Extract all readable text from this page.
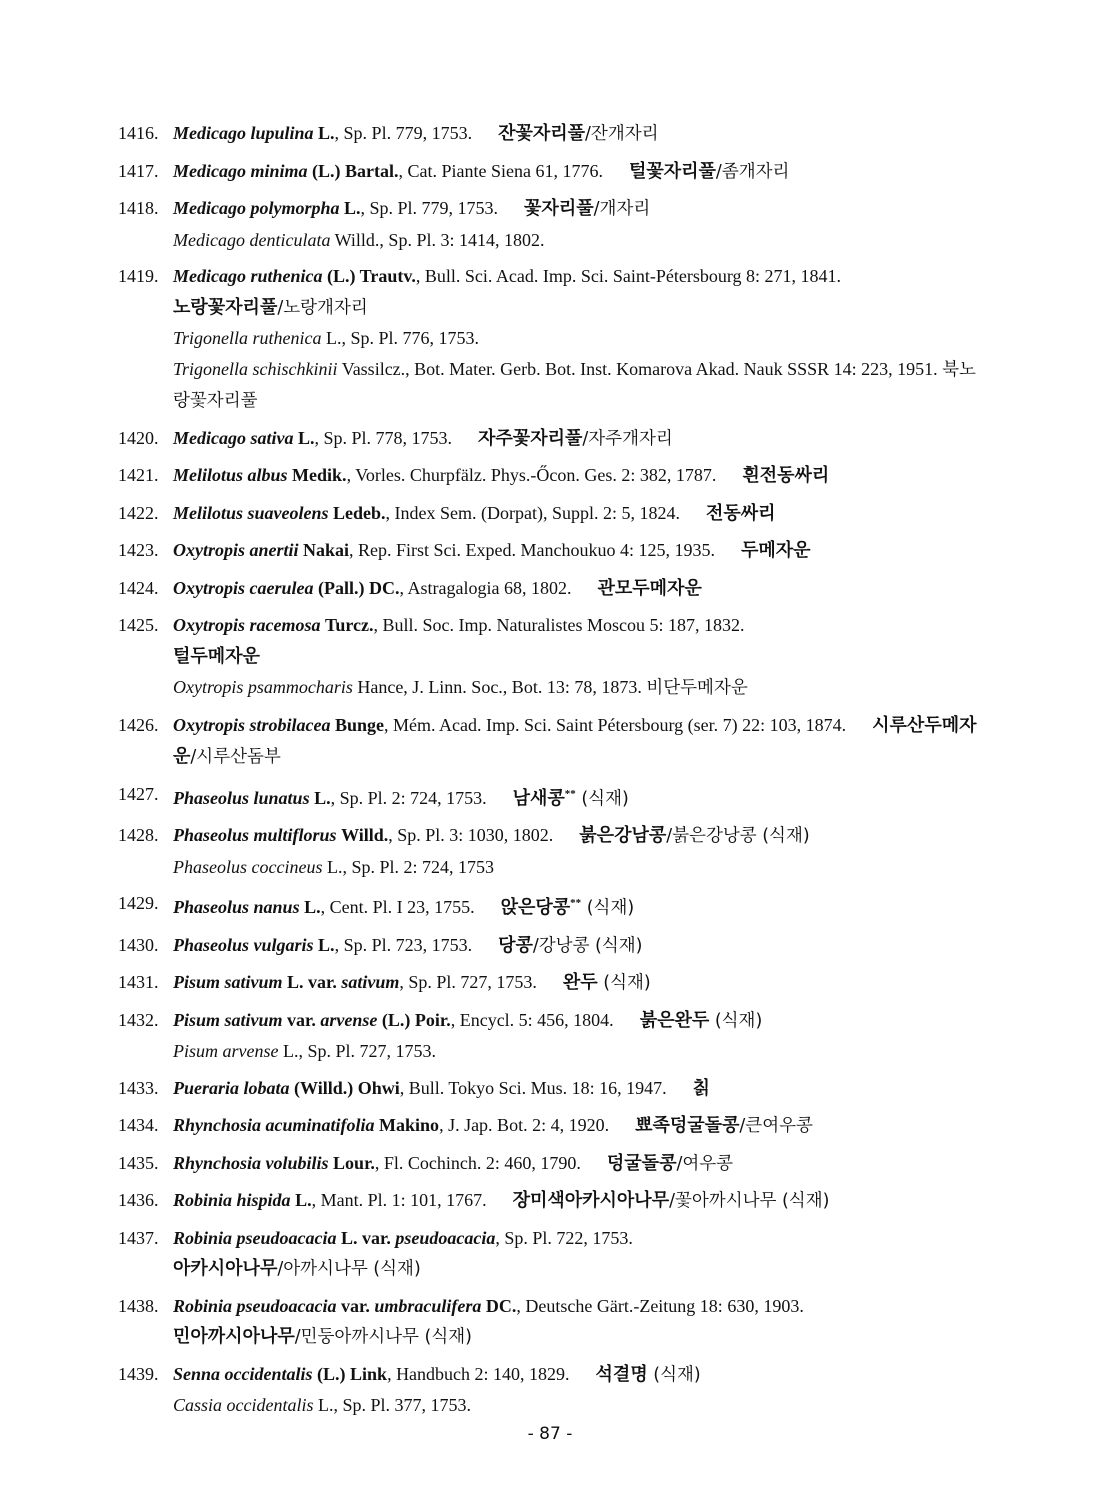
1416. Medicago lupulina L., Sp. Pl. 779, 1753. 잔꽃자리풀/잔개자리
1417. Medicago minima (L.) Bartal., Cat. Piante Siena 61, 1776. 털꽃자리풀/좀개자리
1418. Medicago polymorpha L., Sp. Pl. 779, 1753. 꽃자리풀/개자리
Medicago denticulata Willd., Sp. Pl. 3: 1414, 1802.
1419. Medicago ruthenica (L.) Trautv., Bull. Sci. Acad. Imp. Sci. Saint-Pétersbourg 8: 271, 1841.
노랑꽃자리풀/노랑개자리
Trigonella ruthenica L., Sp. Pl. 776, 1753.
Trigonella schischkinii Vassilcz., Bot. Mater. Gerb. Bot. Inst. Komarova Akad. Nauk SSSR 14: 223, 1951. 북노랑꽃자리풀
1420. Medicago sativa L., Sp. Pl. 778, 1753. 자주꽃자리풀/자주개자리
1421. Melilotus albus Medik., Vorles. Churpfälz. Phys.-Őcon. Ges. 2: 382, 1787. 흰전동싸리
1422. Melilotus suaveolens Ledeb., Index Sem. (Dorpat), Suppl. 2: 5, 1824. 전동싸리
1423. Oxytropis anertii Nakai, Rep. First Sci. Exped. Manchoukuo 4: 125, 1935. 두메자운
1424. Oxytropis caerulea (Pall.) DC., Astragalogia 68, 1802. 관모두메자운
1425. Oxytropis racemosa Turcz., Bull. Soc. Imp. Naturalistes Moscou 5: 187, 1832.
털두메자운
Oxytropis psammocharis Hance, J. Linn. Soc., Bot. 13: 78, 1873. 비단두메자운
1426. Oxytropis strobilacea Bunge, Mém. Acad. Imp. Sci. Saint Pétersbourg (ser. 7) 22: 103, 1874. 시루산두메자운/시루산돔부
1427. Phaseolus lunatus L., Sp. Pl. 2: 724, 1753. 남새콩** (식재)
1428. Phaseolus multiflorus Willd., Sp. Pl. 3: 1030, 1802. 붉은강남콩/붉은강낭콩 (식재)
Phaseolus coccineus L., Sp. Pl. 2: 724, 1753
1429. Phaseolus nanus L., Cent. Pl. I 23, 1755. 앉은당콩** (식재)
1430. Phaseolus vulgaris L., Sp. Pl. 723, 1753. 당콩/강낭콩 (식재)
1431. Pisum sativum L. var. sativum, Sp. Pl. 727, 1753. 완두 (식재)
1432. Pisum sativum var. arvense (L.) Poir., Encycl. 5: 456, 1804. 붉은완두 (식재)
Pisum arvense L., Sp. Pl. 727, 1753.
1433. Pueraria lobata (Willd.) Ohwi, Bull. Tokyo Sci. Mus. 18: 16, 1947. 칡
1434. Rhynchosia acuminatifolia Makino, J. Jap. Bot. 2: 4, 1920. 뾰족덩굴돌콩/큰여우콩
1435. Rhynchosia volubilis Lour., Fl. Cochinch. 2: 460, 1790. 덩굴돌콩/여우콩
1436. Robinia hispida L., Mant. Pl. 1: 101, 1767. 장미색아카시아나무/꽃아까시나무 (식재)
1437. Robinia pseudoacacia L. var. pseudoacacia, Sp. Pl. 722, 1753.
아카시아나무/아까시나무 (식재)
1438. Robinia pseudoacacia var. umbraculifera DC., Deutsche Gärt.-Zeitung 18: 630, 1903.
민아까시아나무/민둥아까시나무 (식재)
1439. Senna occidentalis (L.) Link, Handbuch 2: 140, 1829. 석결명 (식재)
Cassia occidentalis L., Sp. Pl. 377, 1753.
- 87 -
